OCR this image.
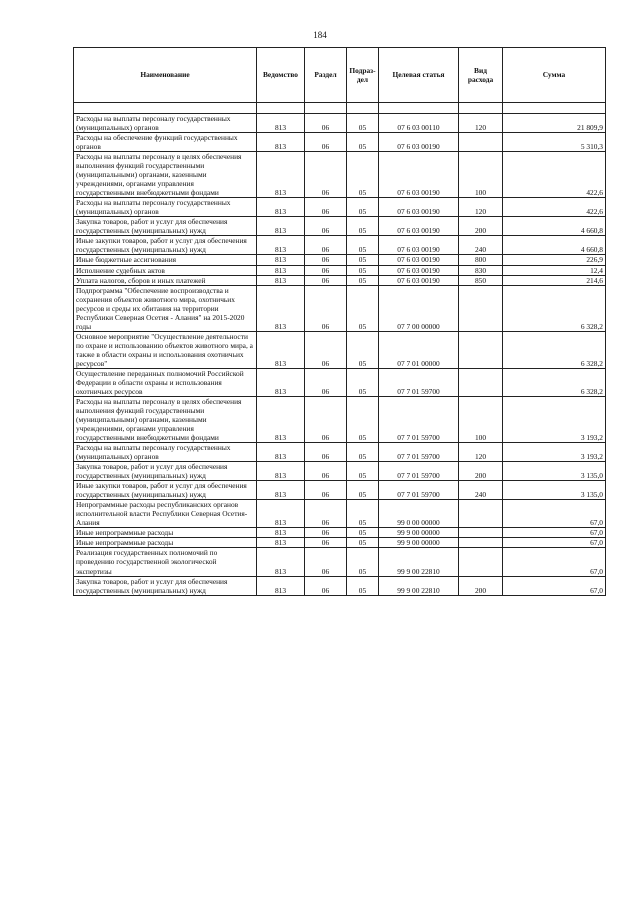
184
Наименование	Ведомство	Раздел	Подраз-дел	Целевая статья	Вид расхода	Сумма

Расходы на выплаты персоналу государственных (муниципальных) органов	813	06	05	07 6 03 00110	120	21 809,9
Расходы на обеспечение функций государственных органов	813	06	05	07 6 03 00190		5 310,3
Расходы на выплаты персоналу в целях обеспечения выполнения функций государственными (муниципальными) органами, казенными учреждениями, органами управления государственными внебюджетными фондами	813	06	05	07 6 03 00190	100	422,6
Расходы на выплаты персоналу государственных (муниципальных) органов	813	06	05	07 6 03 00190	120	422,6
Закупка товаров, работ и услуг для обеспечения государственных (муниципальных) нужд	813	06	05	07 6 03 00190	200	4 660,8
Иные закупки товаров, работ и услуг для обеспечения государственных (муниципальных) нужд	813	06	05	07 6 03 00190	240	4 660,8
Иные бюджетные ассигнования	813	06	05	07 6 03 00190	800	226,9
Исполнение судебных актов	813	06	05	07 6 03 00190	830	12,4
Уплата налогов, сборов и иных платежей	813	06	05	07 6 03 00190	850	214,6
Подпрограмма "Обеспечение воспроизводства и сохранения объектов животного мира, охотничьих ресурсов и среды их обитания на территории Республики Северная Осетия - Алания" на 2015-2020 годы	813	06	05	07 7 00 00000		6 328,2
Основное мероприятие "Осуществление деятельности по охране и использованию объектов животного мира, а также в области охраны и использования охотничьих ресурсов"	813	06	05	07 7 01 00000		6 328,2
Осуществление переданных полномочий Российской Федерации в области охраны и использования охотничьих ресурсов	813	06	05	07 7 01 59700		6 328,2
Расходы на выплаты персоналу в целях обеспечения выполнения функций государственными (муниципальными) органами, казенными учреждениями, органами управления государственными внебюджетными фондами	813	06	05	07 7 01 59700	100	3 193,2
Расходы на выплаты персоналу государственных (муниципальных) органов	813	06	05	07 7 01 59700	120	3 193,2
Закупка товаров, работ и услуг для обеспечения государственных (муниципальных) нужд	813	06	05	07 7 01 59700	200	3 135,0
Иные закупки товаров, работ и услуг для обеспечения государственных (муниципальных) нужд	813	06	05	07 7 01 59700	240	3 135,0
Непрограммные расходы республиканских органов исполнительной власти Республики Северная Осетия-Алания	813	06	05	99 0 00 00000		67,0
Иные непрограммные расходы	813	06	05	99 9 00 00000		67,0
Иные непрограммные расходы	813	06	05	99 9 00 00000		67,0
Реализация государственных полномочий по проведению государственной экологической экспертизы	813	06	05	99 9 00 22810		67,0
Закупка товаров, работ и услуг для обеспечения государственных (муниципальных) нужд	813	06	05	99 9 00 22810	200	67,0
